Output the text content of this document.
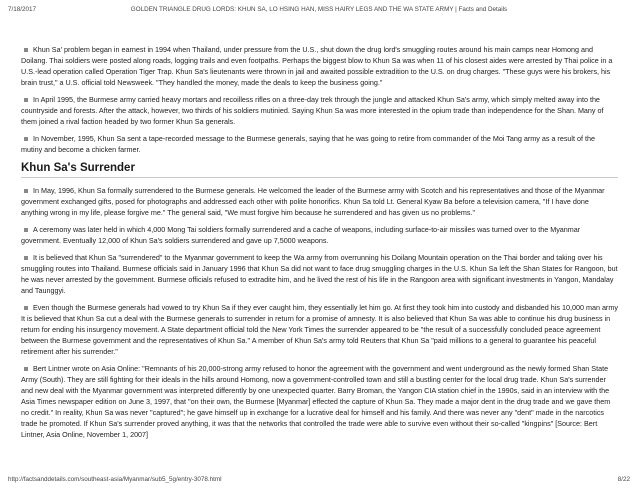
7/18/2017	GOLDEN TRIANGLE DRUG LORDS: KHUN SA, LO HSING HAN, MISS HAIRY LEGS AND THE WA STATE ARMY | Facts and Details

Khun Sa' problem began in earnest in 1994 when Thailand, under pressure from the U.S., shut down the drug lord's smuggling routes around his main camps near Homong and Doilang. Thai soldiers were posted along roads, logging trails and even footpaths. Perhaps the biggest blow to Khun Sa was when 11 of his closest aides were arrested by Thai police in a U.S.-lead operation called Operation Tiger Trap. Khun Sa's lieutenants were thrown in jail and awaited possible extradition to the U.S. on drug charges. "These guys were his brokers, his brain trust," a U.S. official told Newsweek. "They handled the money, made the deals to keep the business going."

In April 1995, the Burmese army carried heavy mortars and recoilless rifles on a three-day trek through the jungle and attacked Khun Sa's army, which simply melted away into the countryside and forests. After the attack, however, two thirds of his soldiers mutinied. Saying Khun Sa was more interested in the opium trade than independence for the Shan. Many of them joined a rival faction headed by two former Khun Sa generals.

In November, 1995, Khun Sa sent a tape-recorded message to the Burmese generals, saying that he was going to retire from commander of the Moi Tang army as a result of the mutiny and become a chicken farmer.

Khun Sa's Surrender

In May, 1996, Khun Sa formally surrendered to the Burmese generals. He welcomed the leader of the Burmese army with Scotch and his representatives and those of the Myanmar government exchanged gifts, posed for photographs and addressed each other with polite honorifics. Khun Sa told Lt. General Kyaw Ba before a television camera, "If I have done anything wrong in my life, please forgive me." The general said, "We must forgive him because he surrendered and has given us no problems."

A ceremony was later held in which 4,000 Mong Tai soldiers formally surrendered and a cache of weapons, including surface-to-air missiles was turned over to the Myanmar government. Eventually 12,000 of Khun Sa's soldiers surrendered and gave up 7,5000 weapons.

It is believed that Khun Sa "surrendered" to the Myanmar government to keep the Wa army from overrunning his Doilang Mountain operation on the Thai border and taking over his smuggling routes into Thailand. Burmese officials said in January 1996 that Khun Sa did not want to face drug smuggling charges in the U.S. Khun Sa left the Shan States for Rangoon, but he was never arrested by the government. Burmese officials refused to extradite him, and he lived the rest of his life in the Rangoon area with significant investments in Yangon, Mandalay and Taunggyi.

Even though the Burmese generals had vowed to try Khun Sa if they ever caught him, they essentially let him go. At first they took him into custody and disbanded his 10,000 man army It is believed that Khun Sa cut a deal with the Burmese generals to surrender in return for a promise of amnesty. It is also believed that Khun Sa was able to continue his drug business in return for ending his insurgency movement. A State department official told the New York Times the surrender appeared to be "the result of a successfully concluded peace agreement between the Burmese government and the representatives of Khun Sa." A member of Khun Sa's army told Reuters that Khun Sa "paid millions to a general to guarantee his peaceful retirement after his surrender."

Bert Lintner wrote on Asia Online: "Remnants of his 20,000-strong army refused to honor the agreement with the government and went underground as the newly formed Shan State Army (South). They are still fighting for their ideals in the hills around Homong, now a government-controlled town and still a bustling center for the local drug trade. Khun Sa's surrender and new deal with the Myanmar government was interpreted differently by one unexpected quarter. Barry Broman, the Yangon CIA station chief in the 1990s, said in an interview with the Asia Times newspaper edition on June 3, 1997, that "on their own, the Burmese [Myanmar] effected the capture of Khun Sa. They made a major dent in the drug trade and we gave them no credit." In reality, Khun Sa was never "captured"; he gave himself up in exchange for a lucrative deal for himself and his family. And there was never any "dent" made in the narcotics trade he promoted. If Khun Sa's surrender proved anything, it was that the networks that controlled the trade were able to survive even without their so-called "kingpins" [Source: Bert Lintner, Asia Online, November 1, 2007]

http://factsanddetails.com/southeast-asia/Myanmar/sub5_5g/entry-3078.html	8/22
